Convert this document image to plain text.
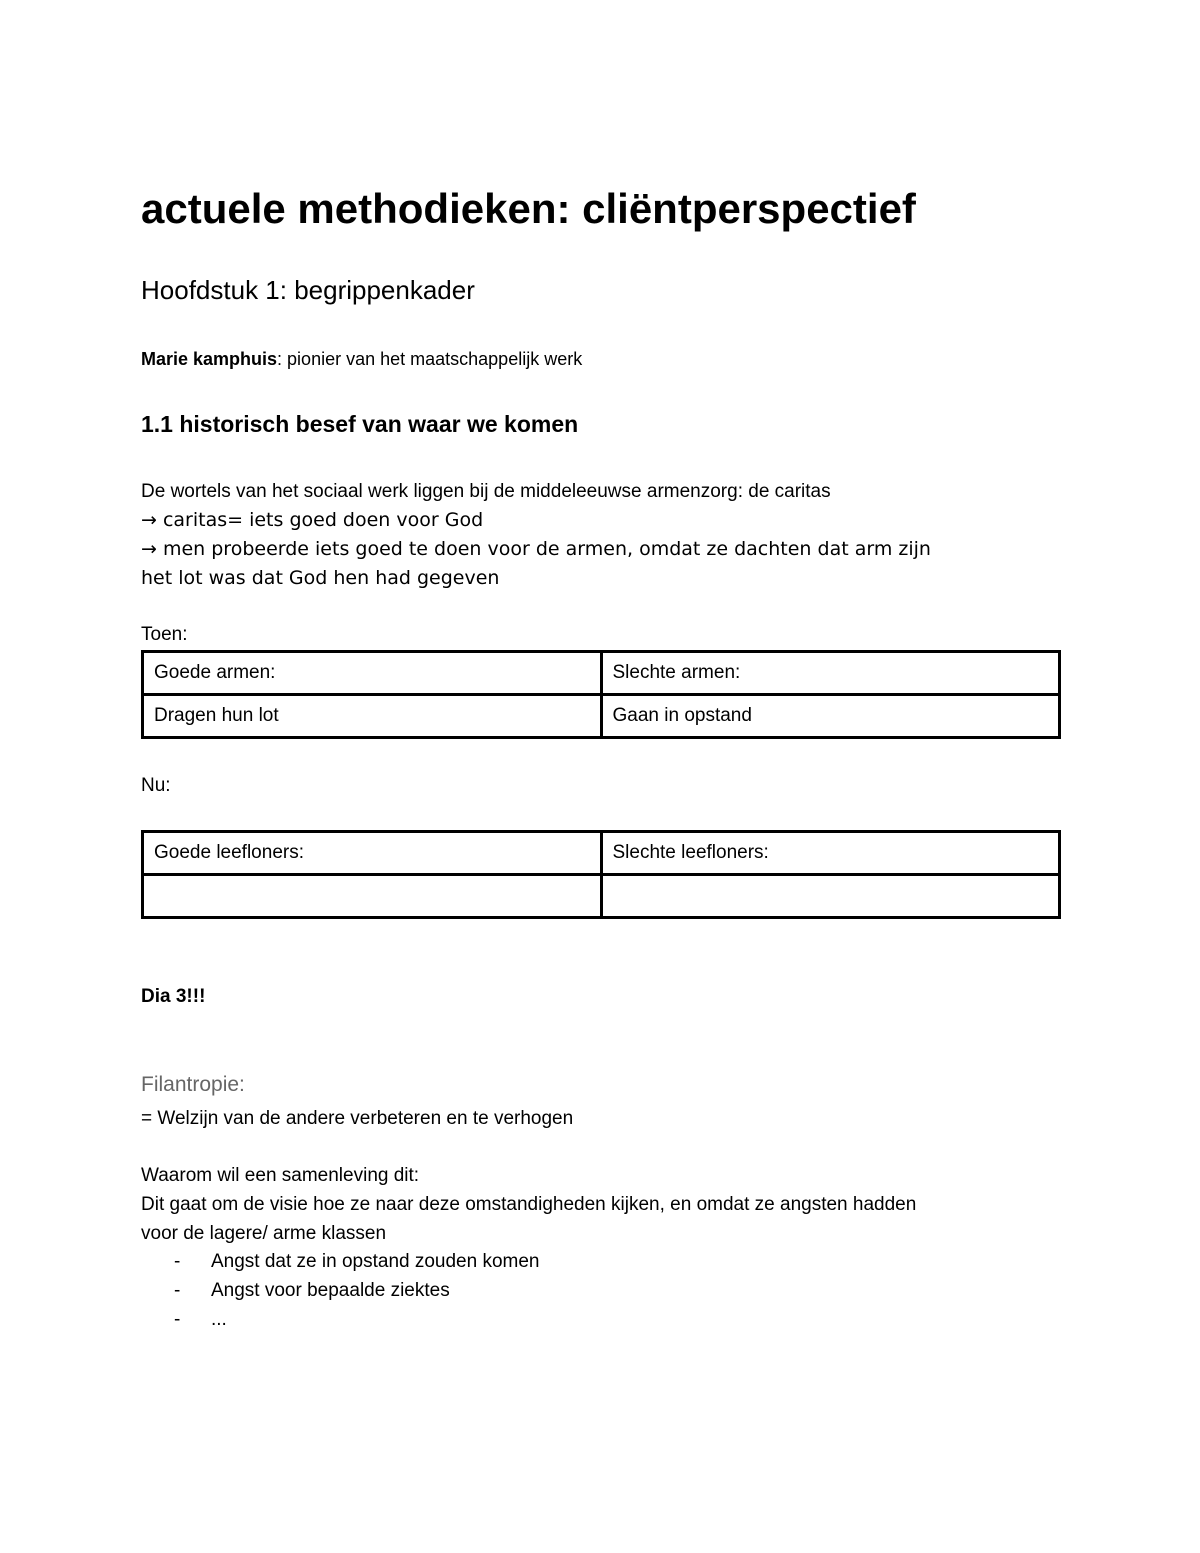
actuele methodieken: cliëntperspectief
Hoofdstuk 1: begrippenkader
Marie kamphuis: pionier van het maatschappelijk werk
1.1 historisch besef van waar we komen
De wortels van het sociaal werk liggen bij de middeleeuwse armenzorg: de caritas
→ caritas= iets goed doen voor God
→ men probeerde iets goed te doen voor de armen, omdat ze dachten dat arm zijn
het lot was dat God hen had gegeven
Toen:
Goede armen:	Slechte armen:
Dragen hun lot	Gaan in opstand
Nu:
Goede leefloners:	Slechte leefloners:

Dia 3!!!
Filantropie:
= Welzijn van de andere verbeteren en te verhogen
Waarom wil een samenleving dit:
Dit gaat om de visie hoe ze naar deze omstandigheden kijken, en omdat ze angsten hadden
voor de lagere/ arme klassen
- Angst dat ze in opstand zouden komen
- Angst voor bepaalde ziektes
- ...
